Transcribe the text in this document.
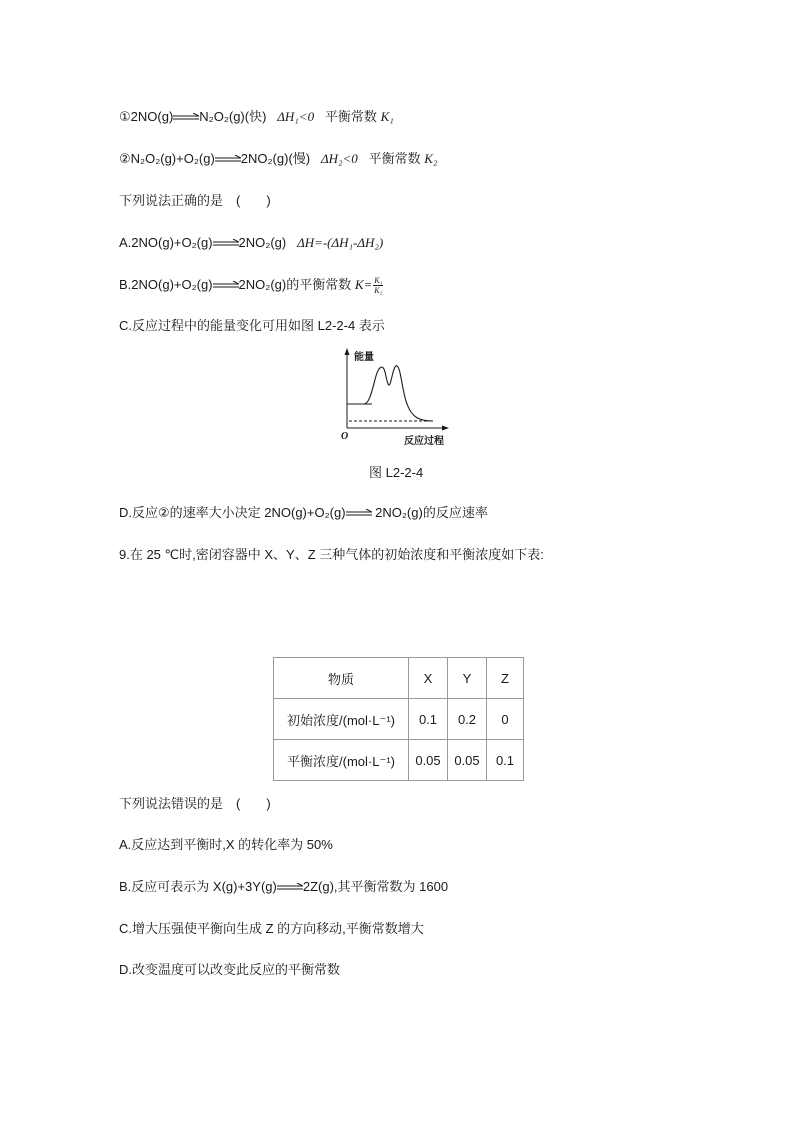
①2NO(g) N₂O₂(g)(快) ΔH₁<0 平衡常数 K₁
②N₂O₂(g)+O₂(g) 2NO₂(g)(慢) ΔH₂<0 平衡常数 K₂
下列说法正确的是　(　　)
A.2NO(g)+O₂(g) 2NO₂(g) ΔH=-(ΔH₁-ΔH₂)
B.2NO(g)+O₂(g) 2NO₂(g)的平衡常数 $K= \frac{\text{K₁}}{\text{K₂}}$
C.反应过程中的能量变化可用如图 L2-2-4 表示
能量
O	反应过程
图 L2-2-4
D.反应②的速率大小决定 2NO(g)+O₂(g) 2NO₂(g)的反应速率
9.在 25 ℃时,密闭容器中 X、Y、Z 三种气体的初始浓度和平衡浓度如下表:
物质	X	Y	Z
初始浓度/(mol·L⁻¹)	0.1	0.2	0
平衡浓度/(mol·L⁻¹)	0.05	0.05	0.1
下列说法错误的是　(　　)
A.反应达到平衡时,X 的转化率为 50%
B.反应可表示为 X(g)+3Y(g) 2Z(g),其平衡常数为 1600
C.增大压强使平衡向生成 Z 的方向移动,平衡常数增大
D.改变温度可以改变此反应的平衡常数
